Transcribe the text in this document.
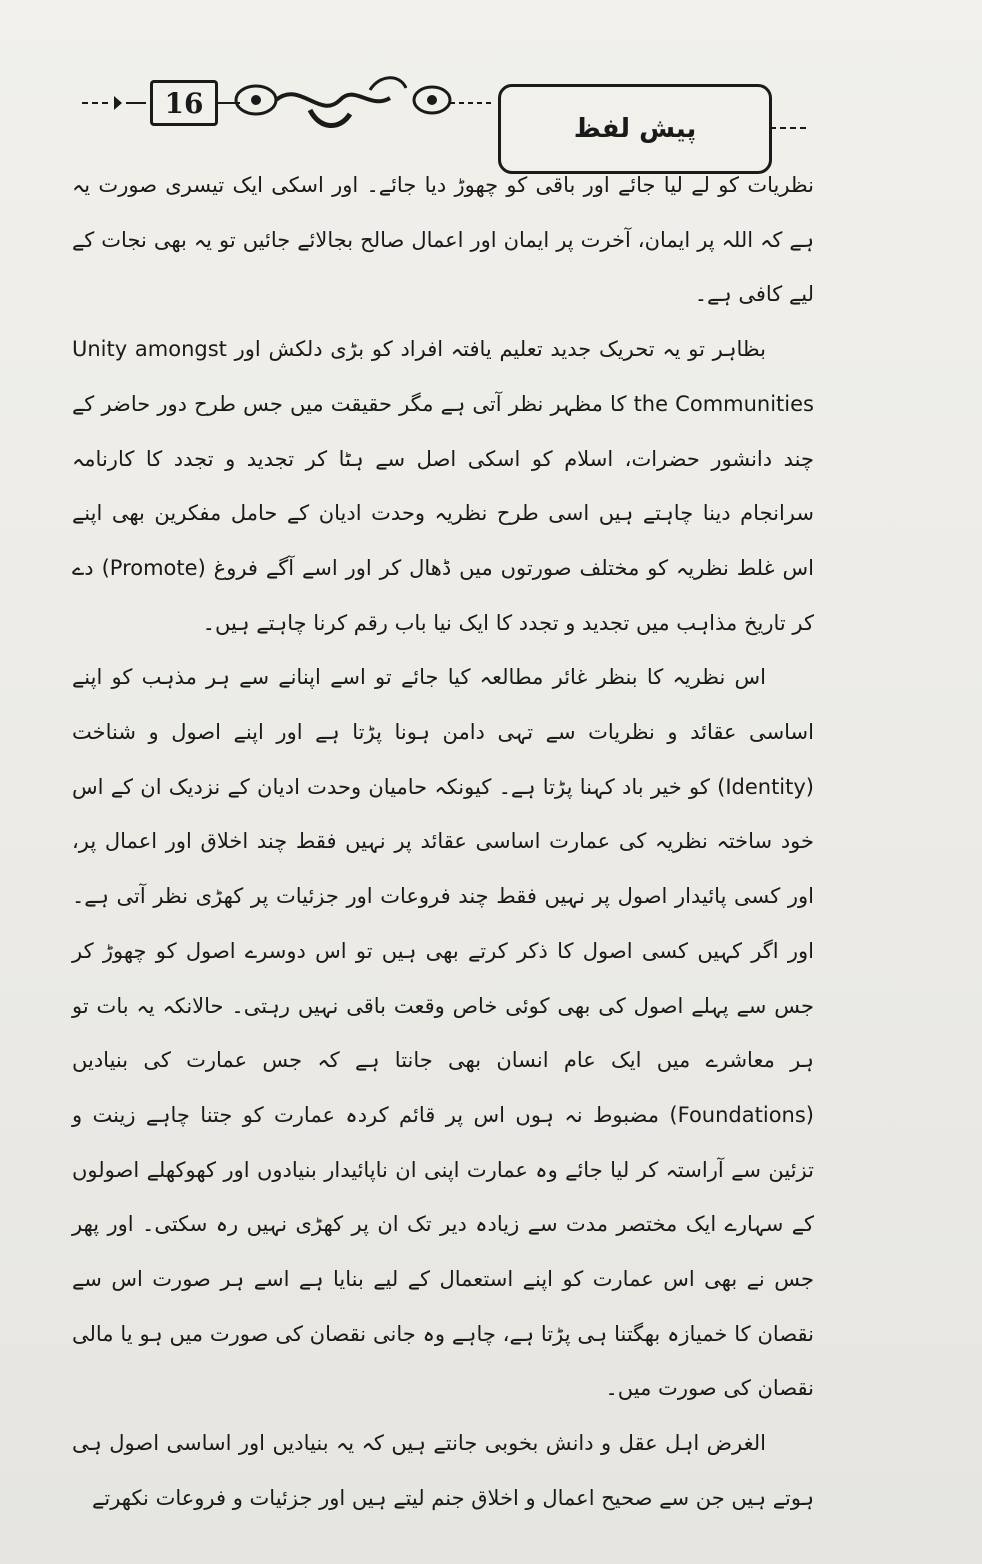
16
پیش لفظ

نظریات کو لے لیا جائے اور باقی کو چھوڑ دیا جائے۔ اور اسکی ایک تیسری صورت یہ ہے کہ اللہ پر ایمان، آخرت پر ایمان اور اعمال صالح بجالائے جائیں تو یہ بھی نجات کے لیے کافی ہے۔

بظاہر تو یہ تحریک جدید تعلیم یافتہ افراد کو بڑی دلکش اور Unity amongst the Communities کا مظہر نظر آتی ہے مگر حقیقت میں جس طرح دور حاضر کے چند دانشور حضرات، اسلام کو اسکی اصل سے ہٹا کر تجدید و تجدد کا کارنامہ سرانجام دینا چاہتے ہیں اسی طرح نظریہ وحدت ادیان کے حامل مفکرین بھی اپنے اس غلط نظریہ کو مختلف صورتوں میں ڈھال کر اور اسے آگے فروغ (Promote) دے کر تاریخ مذاہب میں تجدید و تجدد کا ایک نیا باب رقم کرنا چاہتے ہیں۔

اس نظریہ کا بنظر غائر مطالعہ کیا جائے تو اسے اپنانے سے ہر مذہب کو اپنے اساسی عقائد و نظریات سے تہی دامن ہونا پڑتا ہے اور اپنے اصول و شناخت (Identity) کو خیر باد کہنا پڑتا ہے۔ کیونکہ حامیان وحدت ادیان کے نزدیک ان کے اس خود ساختہ نظریہ کی عمارت اساسی عقائد پر نہیں فقط چند اخلاق اور اعمال پر، اور کسی پائیدار اصول پر نہیں فقط چند فروعات اور جزئیات پر کھڑی نظر آتی ہے۔ اور اگر کہیں کسی اصول کا ذکر کرتے بھی ہیں تو اس دوسرے اصول کو چھوڑ کر جس سے پہلے اصول کی بھی کوئی خاص وقعت باقی نہیں رہتی۔ حالانکہ یہ بات تو ہر معاشرے میں ایک عام انسان بھی جانتا ہے کہ جس عمارت کی بنیادیں (Foundations) مضبوط نہ ہوں اس پر قائم کردہ عمارت کو جتنا چاہے زینت و تزئین سے آراستہ کر لیا جائے وہ عمارت اپنی ان ناپائیدار بنیادوں اور کھوکھلے اصولوں کے سہارے ایک مختصر مدت سے زیادہ دیر تک ان پر کھڑی نہیں رہ سکتی۔ اور پھر جس نے بھی اس عمارت کو اپنے استعمال کے لیے بنایا ہے اسے ہر صورت اس سے نقصان کا خمیازہ بھگتنا ہی پڑتا ہے، چاہے وہ جانی نقصان کی صورت میں ہو یا مالی نقصان کی صورت میں۔

الغرض اہل عقل و دانش بخوبی جانتے ہیں کہ یہ بنیادیں اور اساسی اصول ہی ہوتے ہیں جن سے صحیح اعمال و اخلاق جنم لیتے ہیں اور جزئیات و فروعات نکھرتے
